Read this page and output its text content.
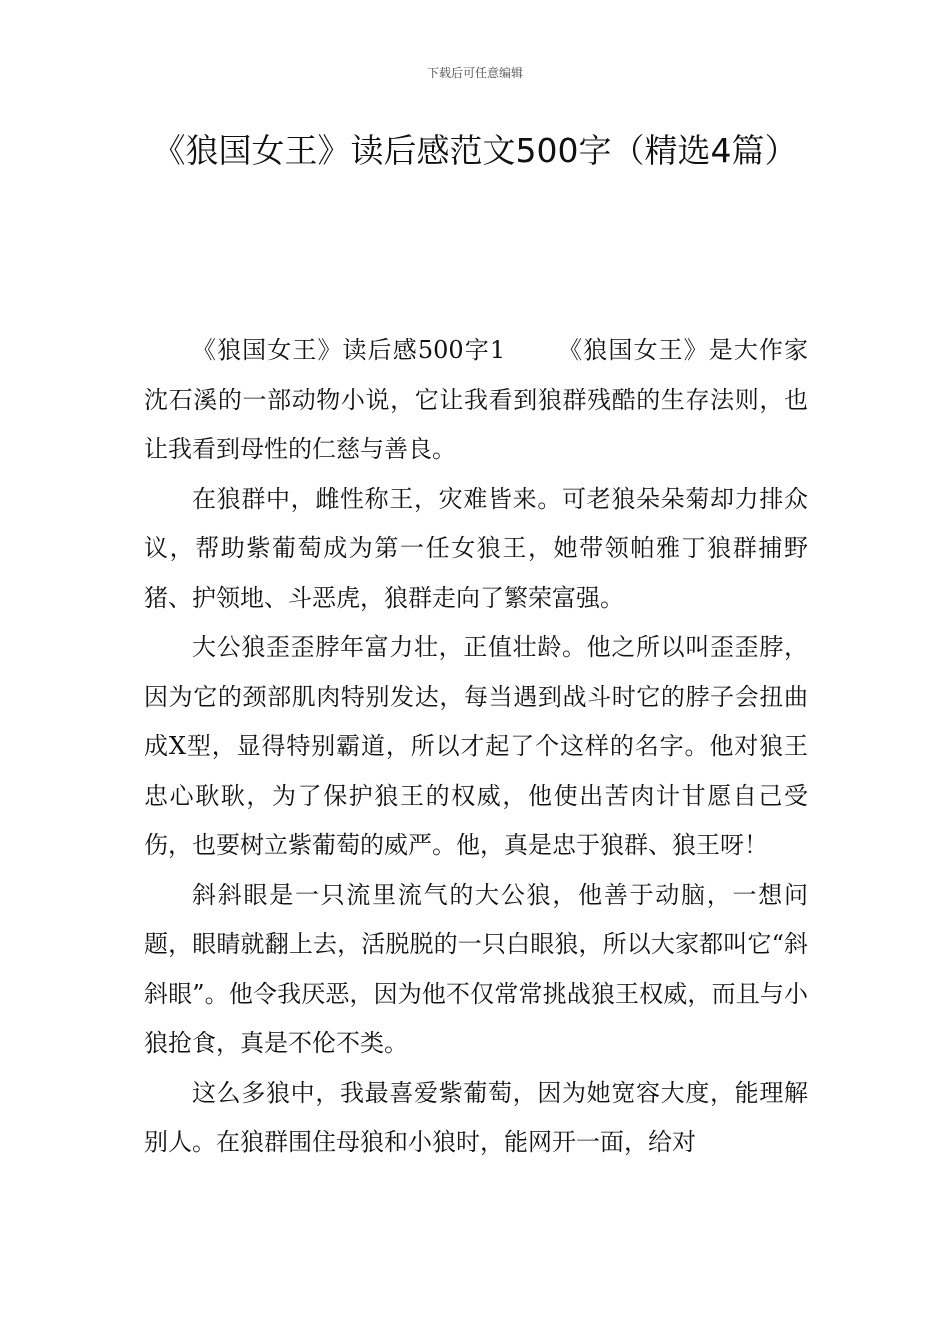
下载后可任意编辑
《狼国女王》读后感范文500字（精选4篇）

《狼国女王》读后感500字1 《狼国女王》是大作家沈石溪的一部动物小说，它让我看到狼群残酷的生存法则，也让我看到母性的仁慈与善良。

在狼群中，雌性称王，灾难皆来。可老狼朵朵菊却力排众议，帮助紫葡萄成为第一任女狼王，她带领帕雅丁狼群捕野猪、护领地、斗恶虎，狼群走向了繁荣富强。

大公狼歪歪脖年富力壮，正值壮龄。他之所以叫歪歪脖，因为它的颈部肌肉特别发达，每当遇到战斗时它的脖子会扭曲成X型，显得特别霸道，所以才起了个这样的名字。他对狼王忠心耿耿，为了保护狼王的权威，他使出苦肉计甘愿自己受伤，也要树立紫葡萄的威严。他，真是忠于狼群、狼王呀！

斜斜眼是一只流里流气的大公狼，他善于动脑，一想问题，眼睛就翻上去，活脱脱的一只白眼狼，所以大家都叫它“斜斜眼”。他令我厌恶，因为他不仅常常挑战狼王权威，而且与小狼抢食，真是不伦不类。

这么多狼中，我最喜爱紫葡萄，因为她宽容大度，能理解别人。在狼群围住母狼和小狼时，能网开一面，给对
